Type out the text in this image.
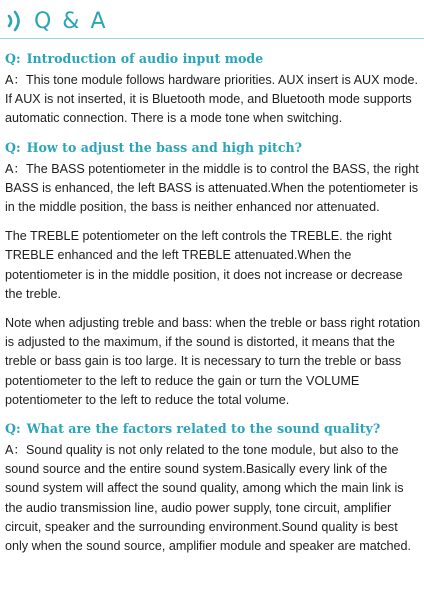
Q & A
Q: Introduction of audio input mode

A：This tone module follows hardware priorities. AUX insert is AUX mode. If AUX is not inserted, it is Bluetooth mode, and Bluetooth mode supports automatic connection. There is a mode tone when switching.

Q: How to adjust the bass and high pitch?

A：The BASS potentiometer in the middle is to control the BASS, the right BASS is enhanced, the left BASS is attenuated.When the potentiometer is in the middle position, the bass is neither enhanced nor attenuated.

The TREBLE potentiometer on the left controls the TREBLE. the right TREBLE enhanced and the left TREBLE attenuated.When the potentiometer is in the middle position, it does not increase or decrease the treble.

Note when adjusting treble and bass: when the treble or bass right rotation is adjusted to the maximum, if the sound is distorted, it means that the treble or bass gain is too large. It is necessary to turn the treble or bass potentiometer to the left to reduce the gain or turn the VOLUME potentiometer to the left to reduce the total volume.

Q: What are the factors related to the sound quality?

A：Sound quality is not only related to the tone module, but also to the sound source and the entire sound system.Basically every link of the sound system will affect the sound quality, among which the main link is the audio transmission line, audio power supply, tone circuit, amplifier circuit, speaker and the surrounding environment.Sound quality is best only when the sound source, amplifier module and speaker are matched.
